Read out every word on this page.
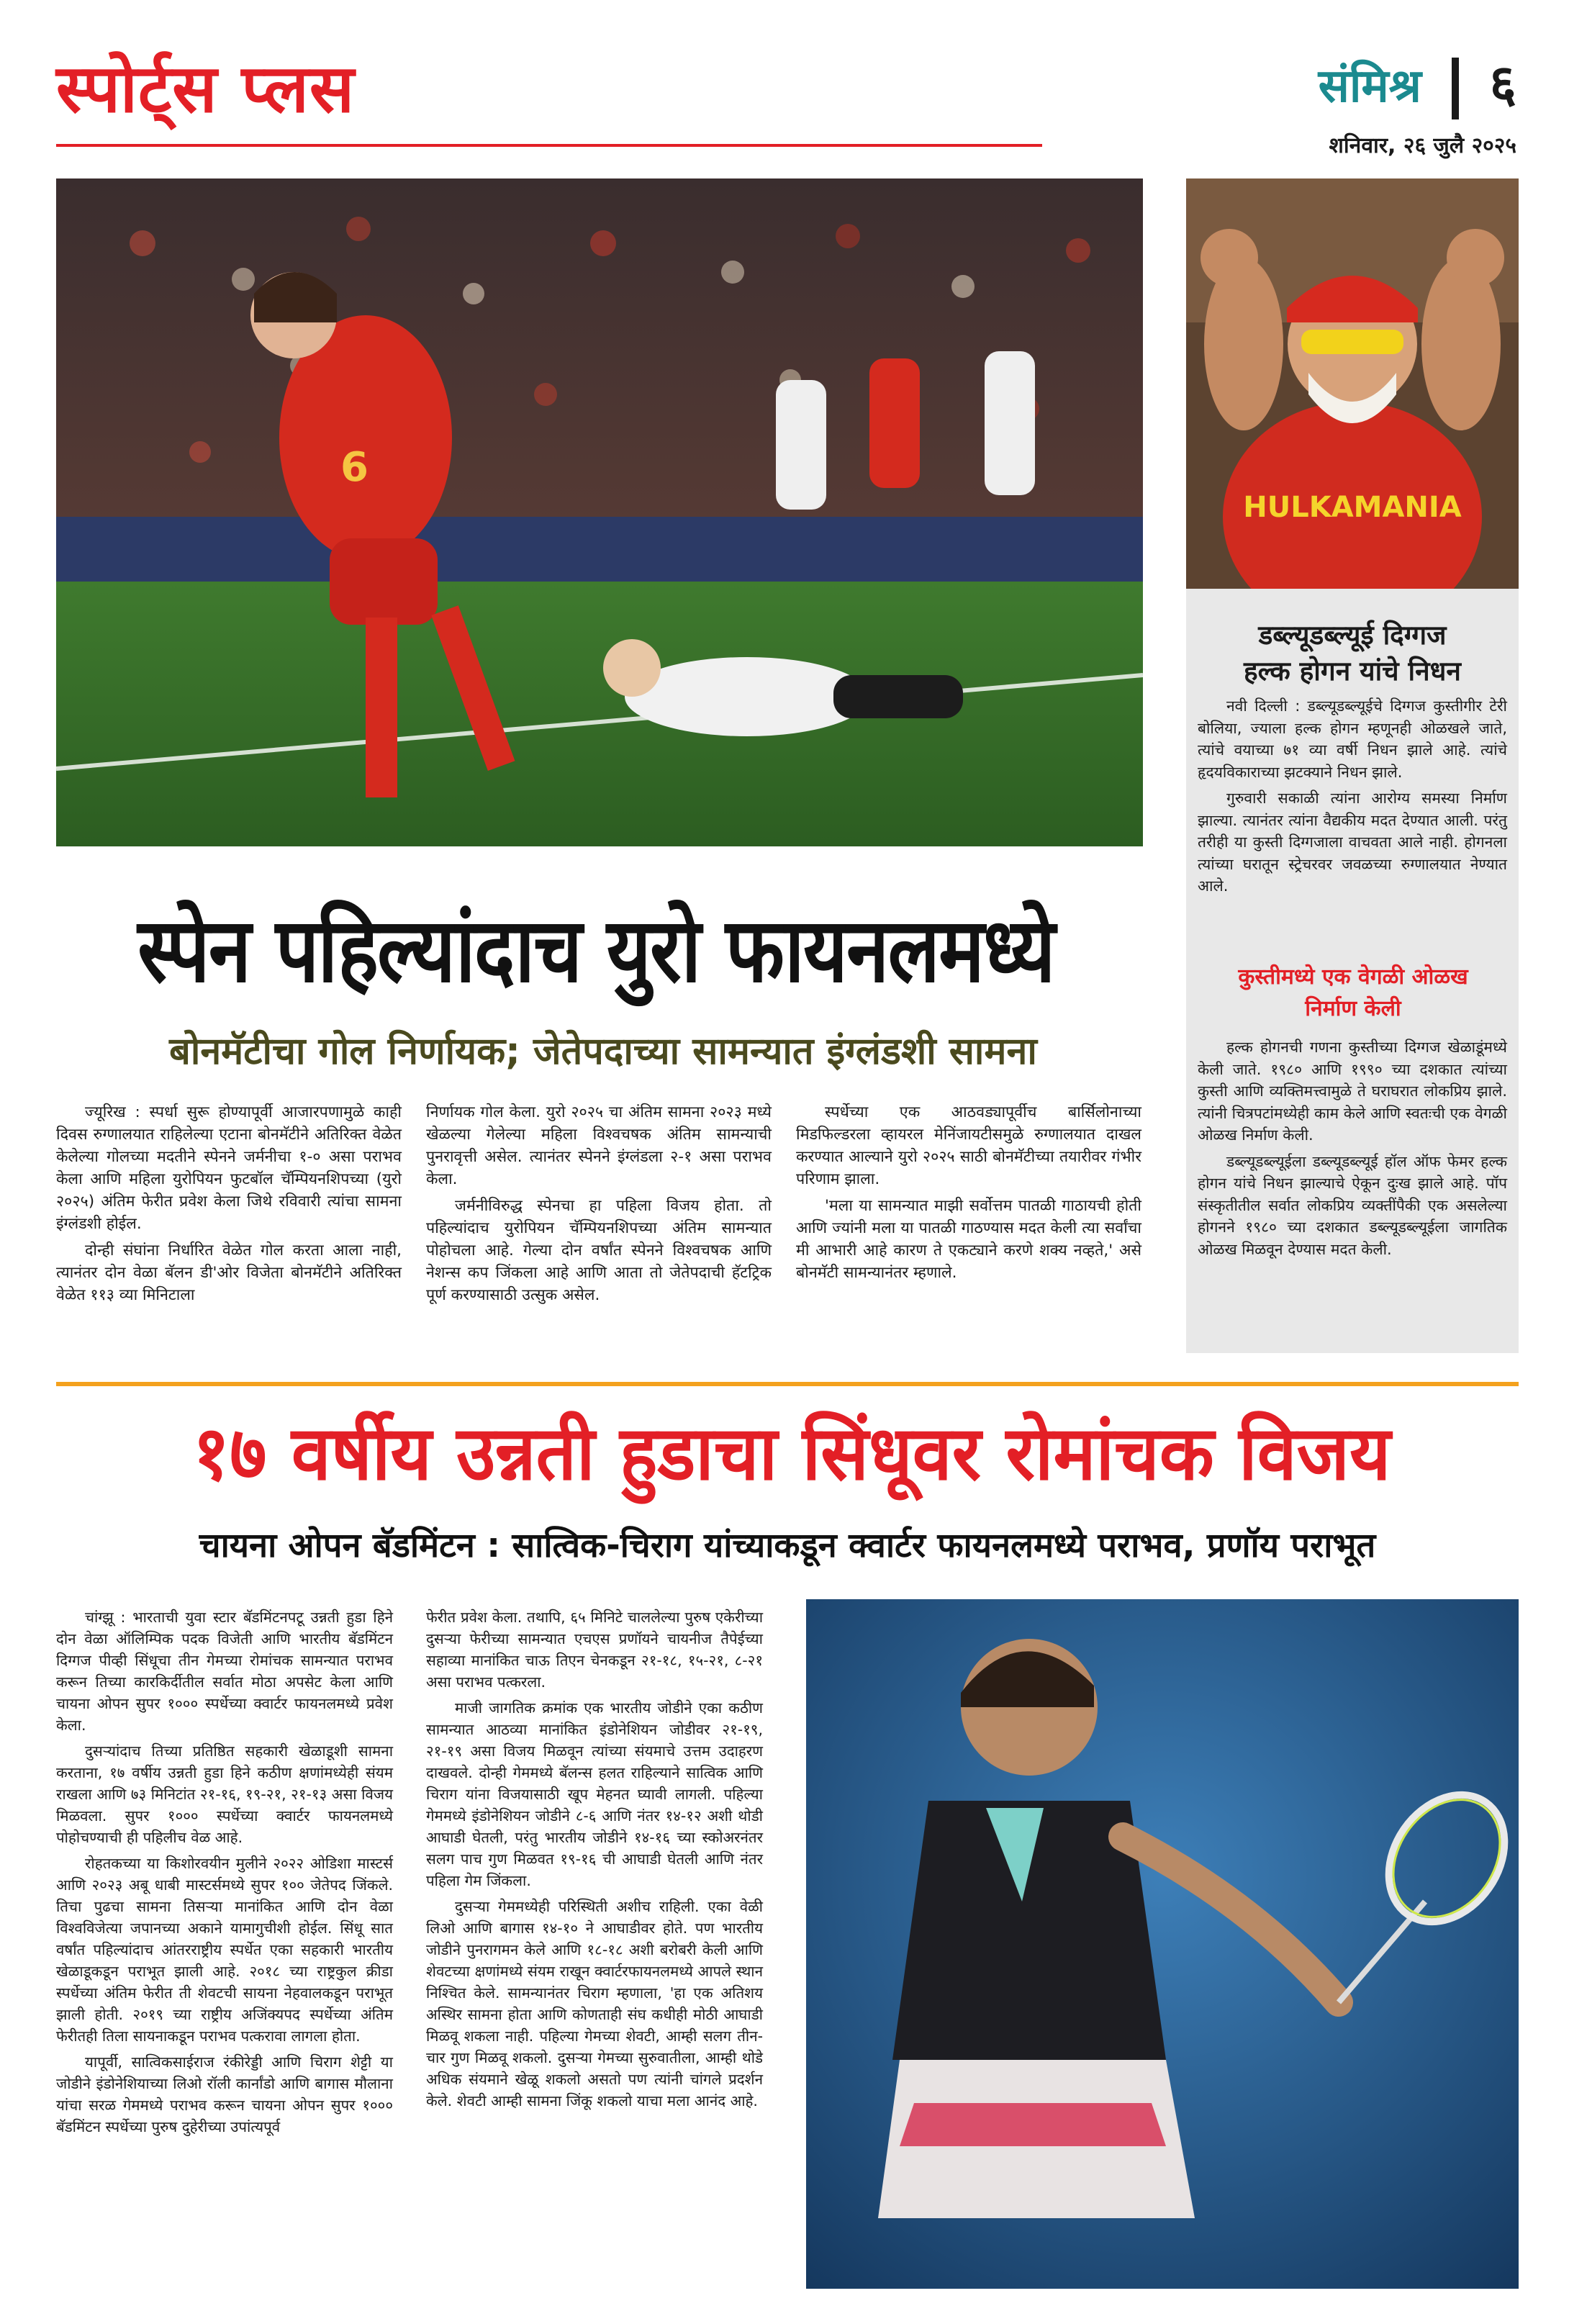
स्पोर्ट्स प्लस	संमिश्र ६
शनिवार, २६ जुलै २०२५
6
HULKAMANIA
डब्ल्यूडब्ल्यूई दिग्गज
हल्क होगन यांचे निधन

नवी दिल्ली : डब्ल्यूडब्ल्यूईचे दिग्गज कुस्तीगीर टेरी बोलिया, ज्याला हल्क होगन म्हणूनही ओळखले जाते, त्यांचे वयाच्या ७१ व्या वर्षी निधन झाले आहे. त्यांचे हृदयविकाराच्या झटक्याने निधन झाले.

गुरुवारी सकाळी त्यांना आरोग्य समस्या निर्माण झाल्या. त्यानंतर त्यांना वैद्यकीय मदत देण्यात आली. परंतु तरीही या कुस्ती दिग्गजाला वाचवता आले नाही. होगनला त्यांच्या घरातून स्ट्रेचरवर जवळच्या रुग्णालयात नेण्यात आले.

कुस्तीमध्ये एक वेगळी ओळख निर्माण केली

हल्क होगनची गणना कुस्तीच्या दिग्गज खेळाडूंमध्ये केली जाते. १९८० आणि १९९० च्या दशकात त्यांच्या कुस्ती आणि व्यक्तिमत्त्वामुळे ते घराघरात लोकप्रिय झाले. त्यांनी चित्रपटांमध्येही काम केले आणि स्वतःची एक वेगळी ओळख निर्माण केली.

डब्ल्यूडब्ल्यूईला डब्ल्यूडब्ल्यूई हॉल ऑफ फेमर हल्क होगन यांचे निधन झाल्याचे ऐकून दुःख झाले आहे. पॉप संस्कृतीतील सर्वात लोकप्रिय व्यक्तींपैकी एक असलेल्या होगनने १९८० च्या दशकात डब्ल्यूडब्ल्यूईला जागतिक ओळख मिळवून देण्यास मदत केली.

स्पेन पहिल्यांदाच युरो फायनलमध्ये
बोनमॅटीचा गोल निर्णायक; जेतेपदाच्या सामन्यात इंग्लंडशी सामना

ज्यूरिख : स्पर्धा सुरू होण्यापूर्वी आजारपणामुळे काही दिवस रुग्णालयात राहिलेल्या एटाना बोनमॅटीने अतिरिक्त वेळेत केलेल्या गोलच्या मदतीने स्पेनने जर्मनीचा १-० असा पराभव केला आणि महिला युरोपियन फुटबॉल चॅम्पियनशिपच्या (युरो २०२५) अंतिम फेरीत प्रवेश केला जिथे रविवारी त्यांचा सामना इंग्लंडशी होईल.

दोन्ही संघांना निर्धारित वेळेत गोल करता आला नाही, त्यानंतर दोन वेळा बॅलन डी'ओर विजेता बोनमॅटीने अतिरिक्त वेळेत ११३ व्या मिनिटाला

निर्णायक गोल केला. युरो २०२५ चा अंतिम सामना २०२३ मध्ये खेळल्या गेलेल्या महिला विश्वचषक अंतिम सामन्याची पुनरावृत्ती असेल. त्यानंतर स्पेनने इंग्लंडला २-१ असा पराभव केला.

जर्मनीविरुद्ध स्पेनचा हा पहिला विजय होता. तो पहिल्यांदाच युरोपियन चॅम्पियनशिपच्या अंतिम सामन्यात पोहोचला आहे. गेल्या दोन वर्षांत स्पेनने विश्वचषक आणि नेशन्स कप जिंकला आहे आणि आता तो जेतेपदाची हॅटट्रिक पूर्ण करण्यासाठी उत्सुक असेल.

स्पर्धेच्या एक आठवड्यापूर्वीच बार्सिलोनाच्या मिडफिल्डरला व्हायरल मेनिंजायटीसमुळे रुग्णालयात दाखल करण्यात आल्याने युरो २०२५ साठी बोनमॅटीच्या तयारीवर गंभीर परिणाम झाला.

'मला या सामन्यात माझी सर्वोत्तम पातळी गाठायची होती आणि ज्यांनी मला या पातळी गाठण्यास मदत केली त्या सर्वांचा मी आभारी आहे कारण ते एकट्याने करणे शक्य नव्हते,' असे बोनमॅटी सामन्यानंतर म्हणाले.

१७ वर्षीय उन्नती हुडाचा सिंधूवर रोमांचक विजय
चायना ओपन बॅडमिंटन : सात्विक-चिराग यांच्याकडून क्वार्टर फायनलमध्ये पराभव, प्रणॉय पराभूत

चांग्झू : भारताची युवा स्टार बॅडमिंटनपटू उन्नती हुडा हिने दोन वेळा ऑलिम्पिक पदक विजेती आणि भारतीय बॅडमिंटन दिग्गज पीव्ही सिंधूचा तीन गेमच्या रोमांचक सामन्यात पराभव करून तिच्या कारकिर्दीतील सर्वात मोठा अपसेट केला आणि चायना ओपन सुपर १००० स्पर्धेच्या क्वार्टर फायनलमध्ये प्रवेश केला.

दुसऱ्यांदाच तिच्या प्रतिष्ठित सहकारी खेळाडूशी सामना करताना, १७ वर्षीय उन्नती हुडा हिने कठीण क्षणांमध्येही संयम राखला आणि ७३ मिनिटांत २१-१६, १९-२१, २१-१३ असा विजय मिळवला. सुपर १००० स्पर्धेच्या क्वार्टर फायनलमध्ये पोहोचण्याची ही पहिलीच वेळ आहे.

रोहतकच्या या किशोरवयीन मुलीने २०२२ ओडिशा मास्टर्स आणि २०२३ अबू धाबी मास्टर्समध्ये सुपर १०० जेतेपद जिंकले. तिचा पुढचा सामना तिसऱ्या मानांकित आणि दोन वेळा विश्वविजेत्या जपानच्या अकाने यामागुचीशी होईल. सिंधू सात वर्षांत पहिल्यांदाच आंतरराष्ट्रीय स्पर्धेत एका सहकारी भारतीय खेळाडूकडून पराभूत झाली आहे. २०१८ च्या राष्ट्रकुल क्रीडा स्पर्धेच्या अंतिम फेरीत ती शेवटची सायना नेहवालकडून पराभूत झाली होती. २०१९ च्या राष्ट्रीय अजिंक्यपद स्पर्धेच्या अंतिम फेरीतही तिला सायनाकडून पराभव पत्करावा लागला होता.

यापूर्वी, सात्विकसाईराज रंकीरेड्डी आणि चिराग शेट्टी या जोडीने इंडोनेशियाच्या लिओ रॉली कार्नांडो आणि बागास मौलाना यांचा सरळ गेममध्ये पराभव करून चायना ओपन सुपर १००० बॅडमिंटन स्पर्धेच्या पुरुष दुहेरीच्या उपांत्यपूर्व

फेरीत प्रवेश केला. तथापि, ६५ मिनिटे चाललेल्या पुरुष एकेरीच्या दुसऱ्या फेरीच्या सामन्यात एचएस प्रणॉयने चायनीज तैपेईच्या सहाव्या मानांकित चाऊ तिएन चेनकडून २१-१८, १५-२१, ८-२१ असा पराभव पत्करला.

माजी जागतिक क्रमांक एक भारतीय जोडीने एका कठीण सामन्यात आठव्या मानांकित इंडोनेशियन जोडीवर २१-१९, २१-१९ असा विजय मिळवून त्यांच्या संयमाचे उत्तम उदाहरण दाखवले. दोन्ही गेममध्ये बॅलन्स हलत राहिल्याने सात्विक आणि चिराग यांना विजयासाठी खूप मेहनत घ्यावी लागली. पहिल्या गेममध्ये इंडोनेशियन जोडीने ८-६ आणि नंतर १४-१२ अशी थोडी आघाडी घेतली, परंतु भारतीय जोडीने १४-१६ च्या स्कोअरनंतर सलग पाच गुण मिळवत १९-१६ ची आघाडी घेतली आणि नंतर पहिला गेम जिंकला.

दुसऱ्या गेममध्येही परिस्थिती अशीच राहिली. एका वेळी लिओ आणि बागास १४-१० ने आघाडीवर होते. पण भारतीय जोडीने पुनरागमन केले आणि १८-१८ अशी बरोबरी केली आणि शेवटच्या क्षणांमध्ये संयम राखून क्वार्टरफायनलमध्ये आपले स्थान निश्चित केले. सामन्यानंतर चिराग म्हणाला, 'हा एक अतिशय अस्थिर सामना होता आणि कोणताही संघ कधीही मोठी आघाडी मिळवू शकला नाही. पहिल्या गेमच्या शेवटी, आम्ही सलग तीन-चार गुण मिळवू शकलो. दुसऱ्या गेमच्या सुरुवातीला, आम्ही थोडे अधिक संयमाने खेळू शकलो असतो पण त्यांनी चांगले प्रदर्शन केले. शेवटी आम्ही सामना जिंकू शकलो याचा मला आनंद आहे.
